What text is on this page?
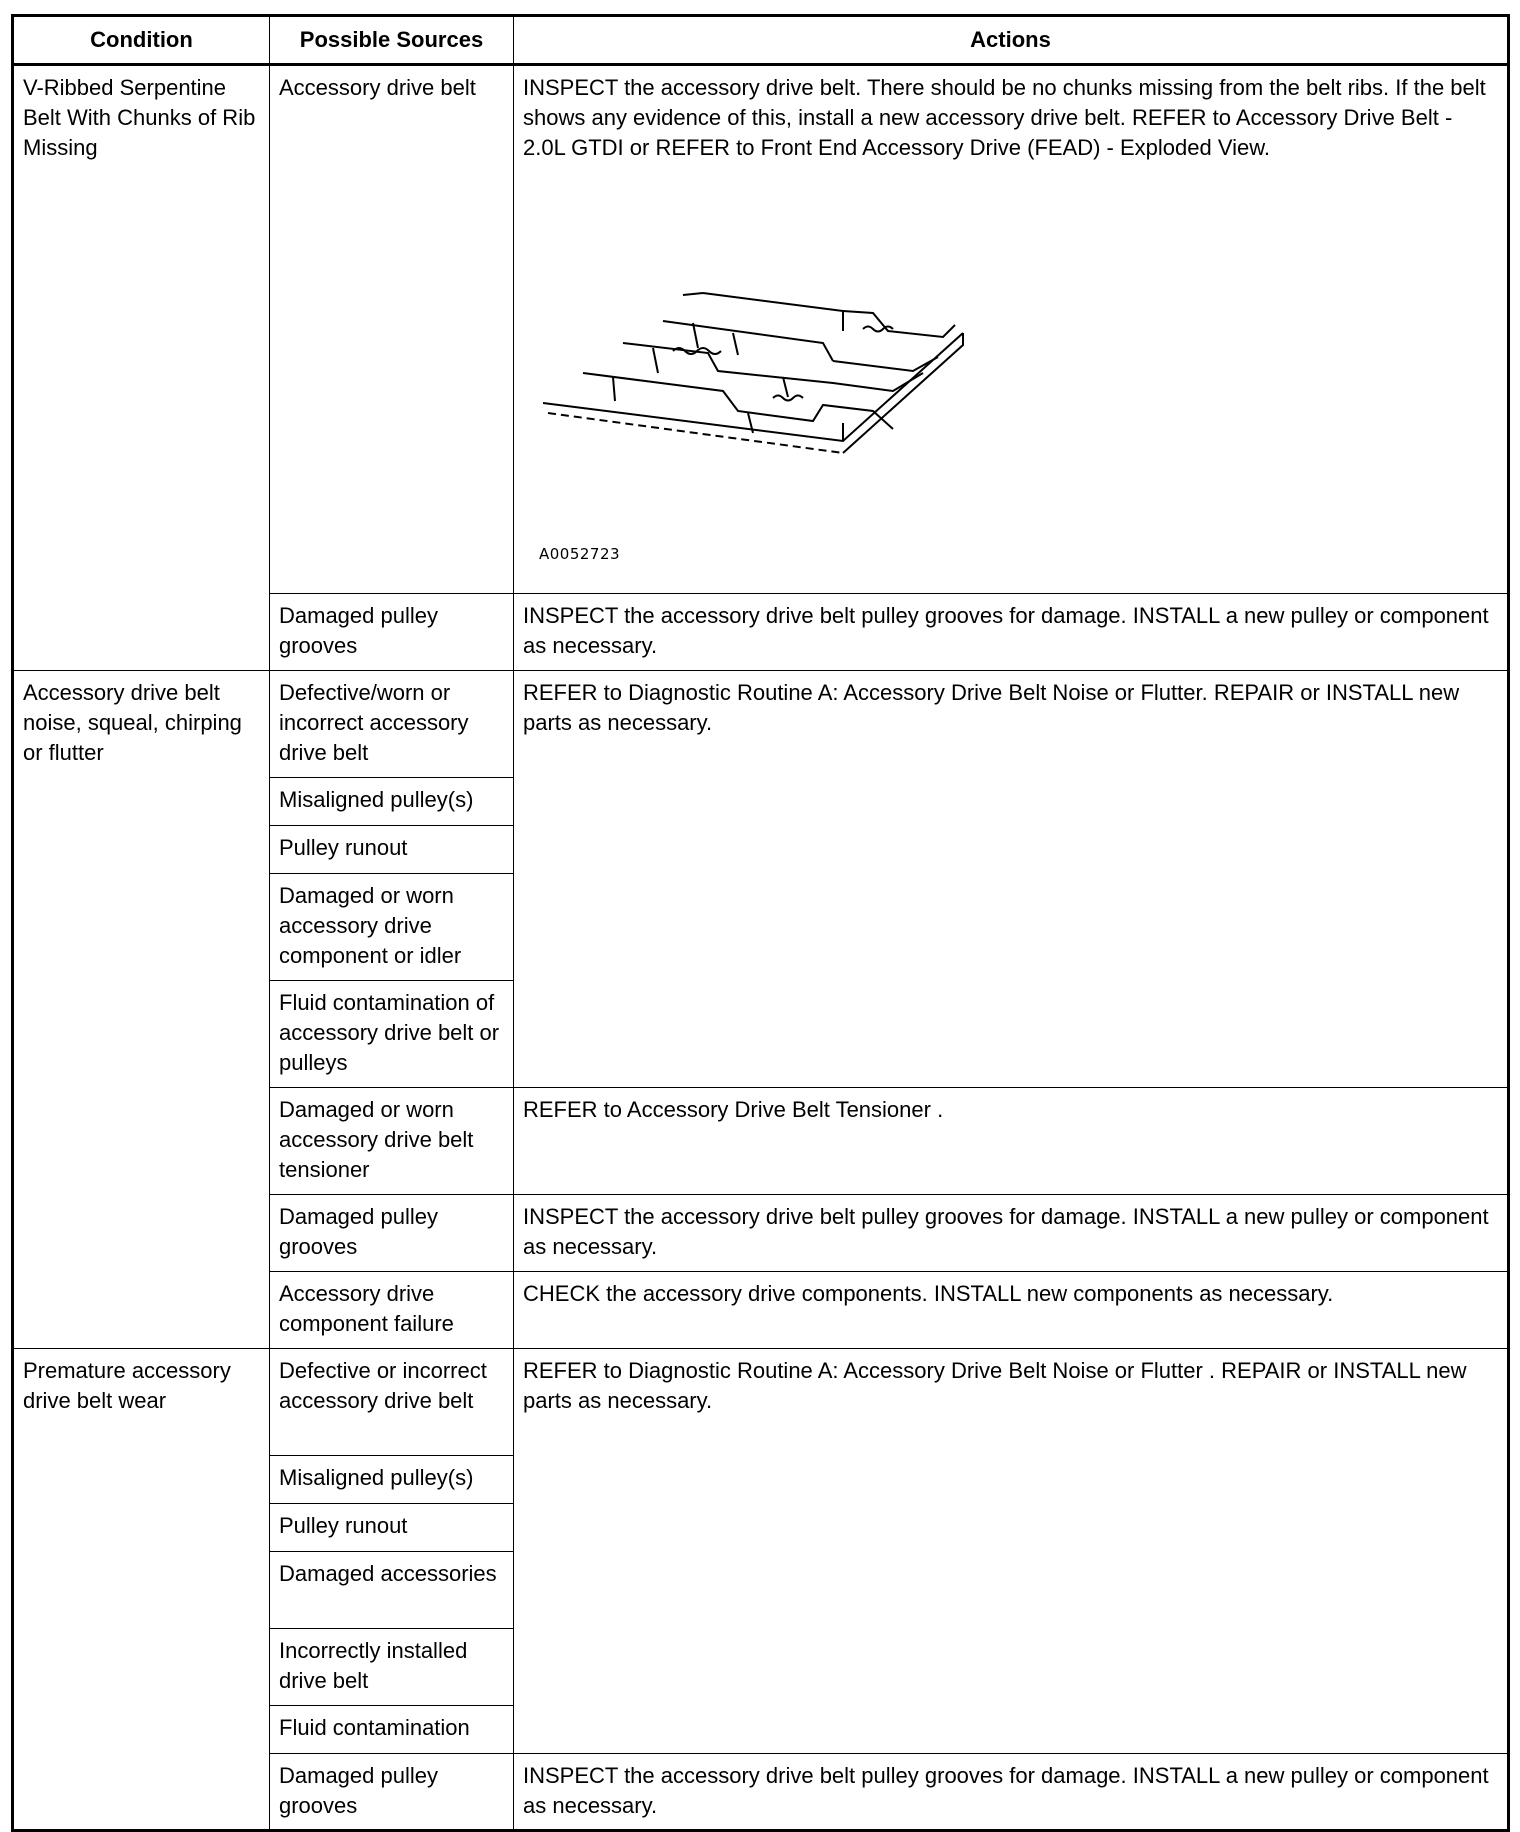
Condition	Possible Sources	Actions
V-Ribbed Serpentine Belt With Chunks of Rib Missing	Accessory drive belt	INSPECT the accessory drive belt. There should be no chunks missing from the belt ribs. If the belt shows any evidence of this, install a new accessory drive belt. REFER to Accessory Drive Belt - 2.0L GTDI or REFER to Front End Accessory Drive (FEAD) - Exploded View.
A0052723

	Damaged pulley grooves	INSPECT the accessory drive belt pulley grooves for damage. INSTALL a new pulley or component as necessary.
Accessory drive belt noise, squeal, chirping or flutter	Defective/worn or incorrect accessory drive belt	REFER to Diagnostic Routine A: Accessory Drive Belt Noise or Flutter. REPAIR or INSTALL new parts as necessary.
	Misaligned pulley(s)	
	Pulley runout	
	Damaged or worn accessory drive component or idler	
	Fluid contamination of accessory drive belt or pulleys	
	Damaged or worn accessory drive belt tensioner	REFER to Accessory Drive Belt Tensioner .
	Damaged pulley grooves	INSPECT the accessory drive belt pulley grooves for damage. INSTALL a new pulley or component as necessary.
	Accessory drive component failure	CHECK the accessory drive components. INSTALL new components as necessary.
Premature accessory drive belt wear	Defective or incorrect accessory drive belt	REFER to Diagnostic Routine A: Accessory Drive Belt Noise or Flutter . REPAIR or INSTALL new parts as necessary.
	Misaligned pulley(s)	
	Pulley runout	
	Damaged accessories	
	Incorrectly installed drive belt	
	Fluid contamination	
	Damaged pulley grooves	INSPECT the accessory drive belt pulley grooves for damage. INSTALL a new pulley or component as necessary.
